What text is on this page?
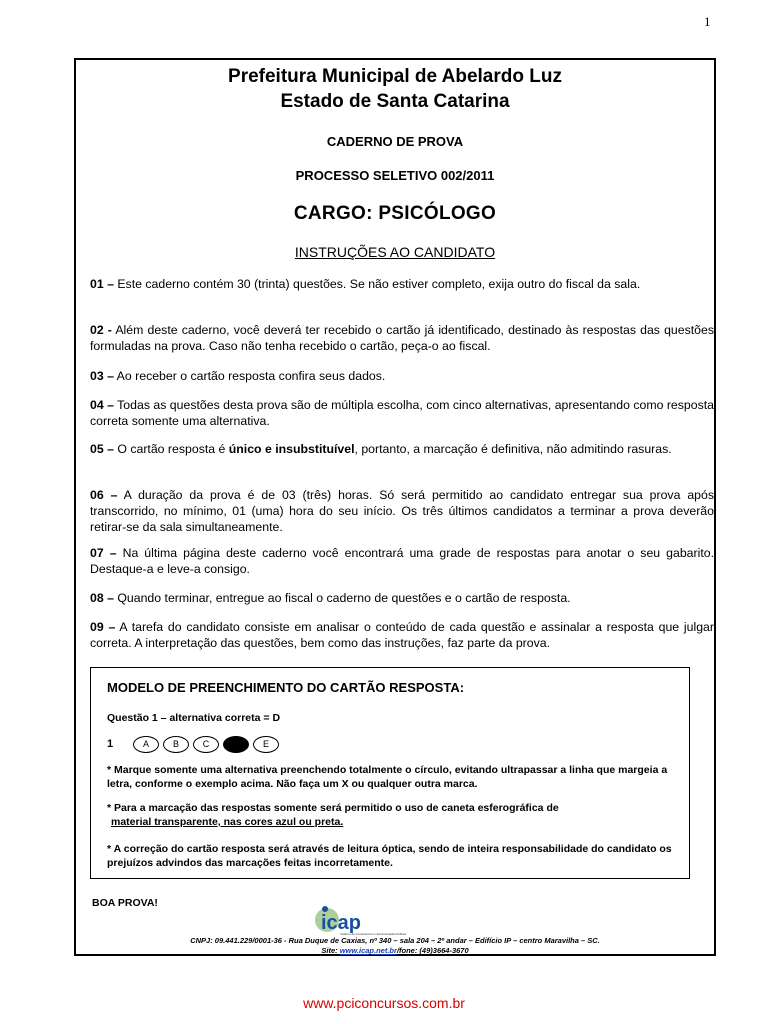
1
Prefeitura Municipal de Abelardo Luz
Estado de Santa Catarina
CADERNO DE PROVA
PROCESSO SELETIVO 002/2011
CARGO: PSICÓLOGO
INSTRUÇÕES AO CANDIDATO
01 – Este caderno contém 30 (trinta) questões. Se não estiver completo, exija outro do fiscal da sala.
02 - Além deste caderno, você deverá ter recebido o cartão já identificado, destinado às respostas das questões formuladas na prova. Caso não tenha recebido o cartão, peça-o ao fiscal.
03 – Ao receber o cartão resposta confira seus dados.
04 – Todas as questões desta prova são de múltipla escolha, com cinco alternativas, apresentando como resposta correta somente uma alternativa.
05 – O cartão resposta é único e insubstituível, portanto, a marcação é definitiva, não admitindo rasuras.
06 – A duração da prova é de 03 (três) horas. Só será permitido ao candidato entregar sua prova após transcorrido, no mínimo, 01 (uma) hora do seu início. Os três últimos candidatos a terminar a prova deverão retirar-se da sala simultaneamente.
07 – Na última página deste caderno você encontrará uma grade de respostas para anotar o seu gabarito. Destaque-a e leve-a consigo.
08 – Quando terminar, entregue ao fiscal o caderno de questões e o cartão de resposta.
09 – A tarefa do candidato consiste em analisar o conteúdo de cada questão e assinalar a resposta que julgar correta. A interpretação das questões, bem como das instruções, faz parte da prova.
MODELO DE PREENCHIMENTO DO CARTÃO RESPOSTA:
Questão 1 – alternativa correta = D
1	A	B	C	D	E
* Marque somente uma alternativa preenchendo totalmente o círculo, evitando ultrapassar a linha que margeia a letra, conforme o exemplo acima. Não faça um X ou qualquer outra marca.
* Para a marcação das respostas somente será permitido o uso de caneta esferográfica de
material transparente, nas cores azul ou preta.
* A correção do cartão resposta será através de leitura óptica, sendo de inteira responsabilidade do candidato os prejuízos advindos das marcações feitas incorretamente.
BOA PROVA!
icap
Instituto de Consultoria em Administração Pública
CNPJ: 09.441.229/0001-36 - Rua Duque de Caxias, nº 340 – sala 204 – 2º andar – Edifício IP – centro Maravilha – SC.
Site: www.icap.net.br/fone: (49)3664-3670
www.pciconcursos.com.br
